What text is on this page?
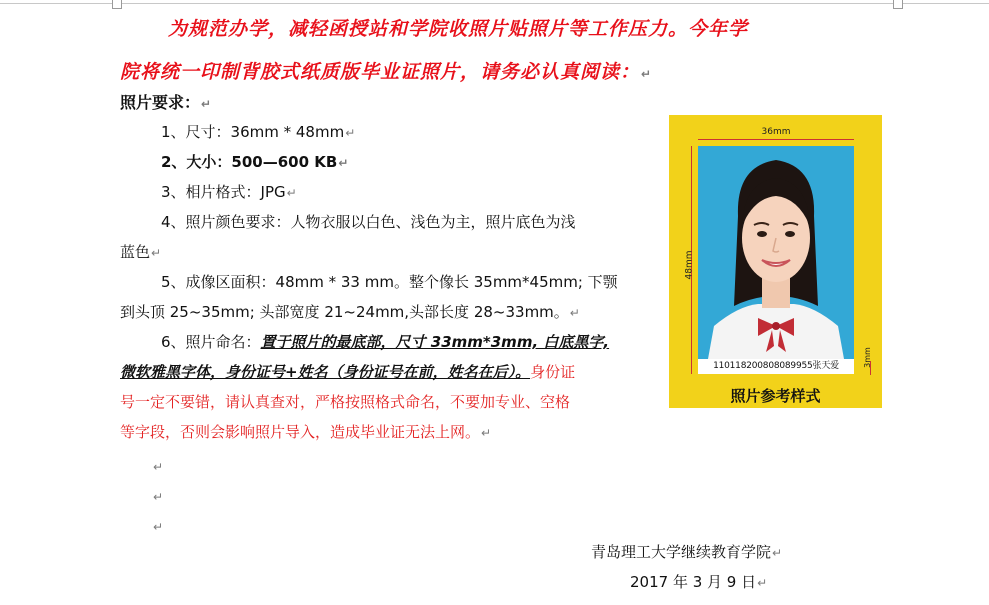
为规范办学，减轻函授站和学院收照片贴照片等工作压力。今年学
院将统一印制背胶式纸质版毕业证照片，请务必认真阅读：↵
照片要求：↵
1、尺寸：36mm * 48mm↵
2、大小：500—600 KB↵
3、相片格式：JPG↵
4、照片颜色要求：人物衣服以白色、浅色为主，照片底色为浅
蓝色↵
5、成像区面积：48mm * 33 mm。整个像长 35mm*45mm; 下颚
到头顶 25~35mm; 头部宽度 21~24mm,头部长度 28~33mm。↵
6、照片命名：置于照片的最底部，尺寸 33mm*3mm, 白底黑字,
微软雅黑字体，身份证号+姓名（身份证号在前，姓名在后）。身份证
号一定不要错，请认真查对，严格按照格式命名，不要加专业、空格
等字段，否则会影响照片导入，造成毕业证无法上网。↵
↵
↵
↵
青岛理工大学继续教育学院↵
2017 年 3 月 9 日↵
36mm
48mm
3mm
110118200808089955张天爱
照片参考样式
